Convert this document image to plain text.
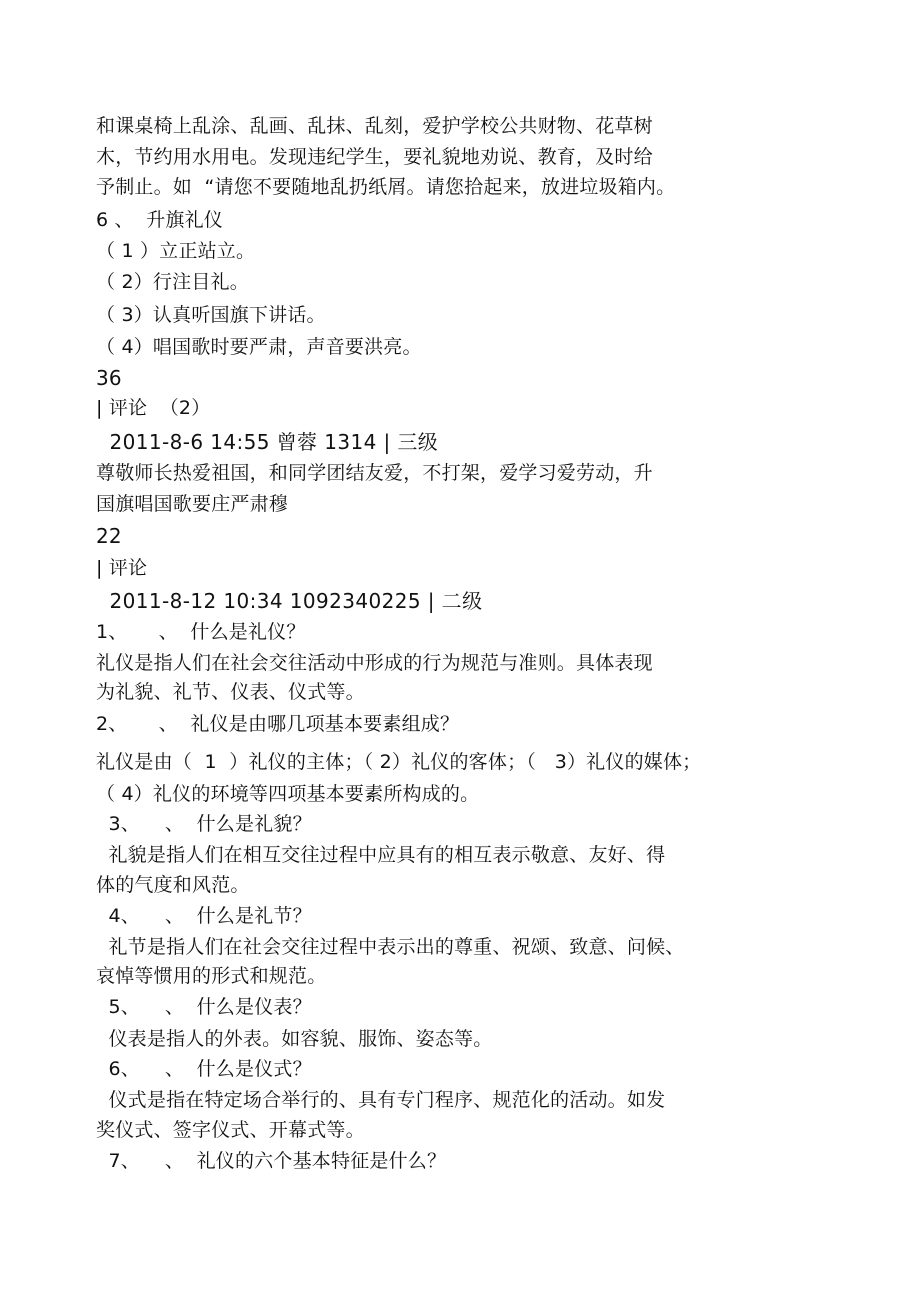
和课桌椅上乱涂、乱画、乱抹、乱刻，爱护学校公共财物、花草树
木，节约用水用电。发现违纪学生，要礼貌地劝说、教育，及时给
予制止。如  “请您不要随地乱扔纸屑。请您拾起来，放进垃圾箱内。
6 、  升旗礼仪
（ 1 ）立正站立。
（ 2）行注目礼。
（ 3）认真听国旗下讲话。
（ 4）唱国歌时要严肃，声音要洪亮。
36
| 评论  （2）
2011-8-6 14:55 曾蓉 1314 | 三级
尊敬师长热爱祖国，和同学团结友爱，不打架，爱学习爱劳动，升
国旗唱国歌要庄严肃穆
22
| 评论
2011-8-12 10:34 1092340225 | 二级
1、     、  什么是礼仪？
礼仪是指人们在社会交往活动中形成的行为规范与准则。具体表现
为礼貌、礼节、仪表、仪式等。
2、     、  礼仪是由哪几项基本要素组成？
礼仪是由（  1  ）礼仪的主体；（ 2）礼仪的客体；（   3）礼仪的媒体；
（ 4）礼仪的环境等四项基本要素所构成的。
3、    、  什么是礼貌？
礼貌是指人们在相互交往过程中应具有的相互表示敬意、友好、得
体的气度和风范。
4、    、  什么是礼节？
礼节是指人们在社会交往过程中表示出的尊重、祝颂、致意、问候、
哀悼等惯用的形式和规范。
5、    、  什么是仪表？
仪表是指人的外表。如容貌、服饰、姿态等。
6、    、  什么是仪式？
仪式是指在特定场合举行的、具有专门程序、规范化的活动。如发
奖仪式、签字仪式、开幕式等。
7、    、  礼仪的六个基本特征是什么？
